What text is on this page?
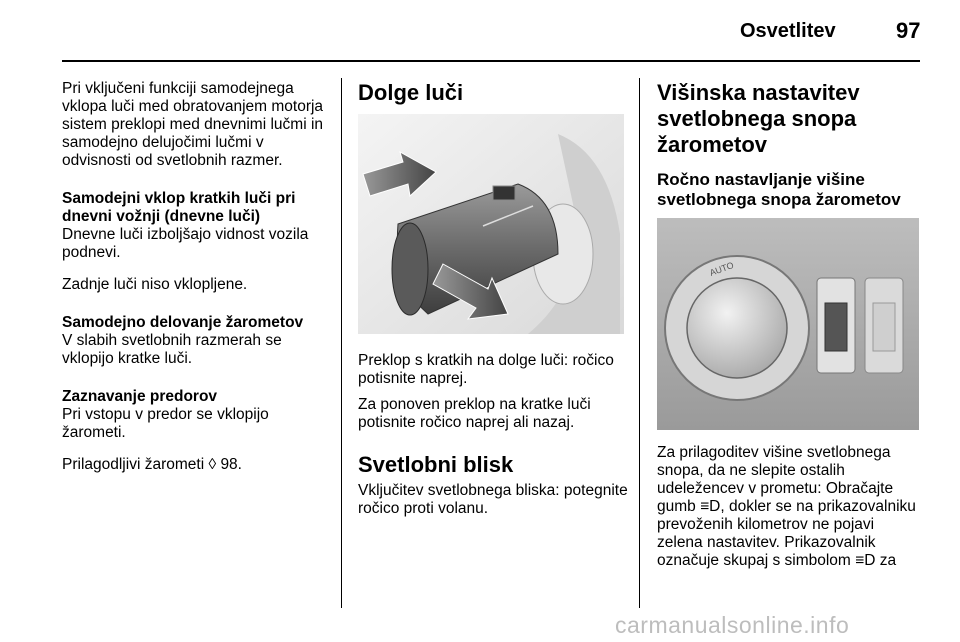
Osvetlitev	97

Pri vključeni funkciji samodejnega vklopa luči med obratovanjem motorja sistem preklopi med dnevnimi lučmi in samodejno delujočimi lučmi v odvisnosti od svetlobnih razmer.

Samodejni vklop kratkih luči pri dnevni vožnji (dnevne luči)
Dnevne luči izboljšajo vidnost vozila podnevi.

Zadnje luči niso vklopljene.

Samodejno delovanje žarometov
V slabih svetlobnih razmerah se vklopijo kratke luči.

Zaznavanje predorov
Pri vstopu v predor se vklopijo žarometi.

Prilagodljivi žarometi ◊ 98.

Dolge luči

Preklop s kratkih na dolge luči: ročico potisnite naprej.

Za ponoven preklop na kratke luči potisnite ročico naprej ali nazaj.

Svetlobni blisk

Vključitev svetlobnega bliska: potegnite ročico proti volanu.

Višinska nastavitev svetlobnega snopa žarometov
Ročno nastavljanje višine svetlobnega snopa žarometov
AUTO

Za prilagoditev višine svetlobnega snopa, da ne slepite ostalih udeležencev v prometu: Obračajte gumb ≡D, dokler se na prikazovalniku prevoženih kilometrov ne pojavi zelena nastavitev. Prikazovalnik označuje skupaj s simbolom ≡D za

carmanualsonline.info
